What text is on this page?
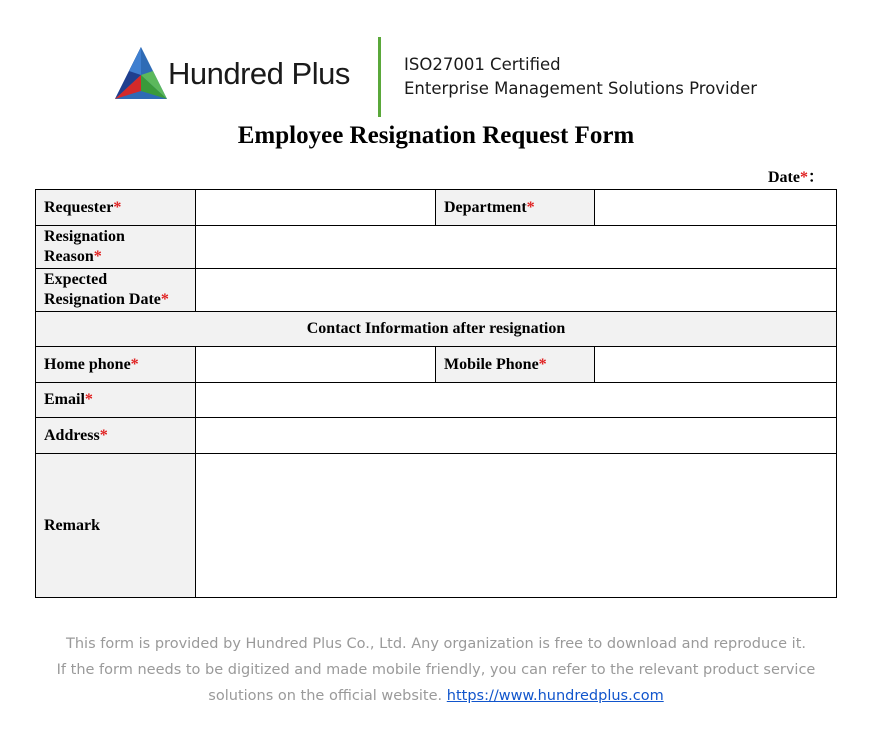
Hundred Plus	ISO27001 Certified
Enterprise Management Solutions Provider
Employee Resignation Request Form
Date*：
Requester*		Department*	
Resignation
Reason*			
Expected
Resignation Date*			
Contact Information after resignation			
Home phone*		Mobile Phone*	
Email*			
Address*			
Remark			
This form is provided by Hundred Plus Co., Ltd. Any organization is free to download and reproduce it.
If the form needs to be digitized and made mobile friendly, you can refer to the relevant product service
solutions on the official website. https://www.hundredplus.com
